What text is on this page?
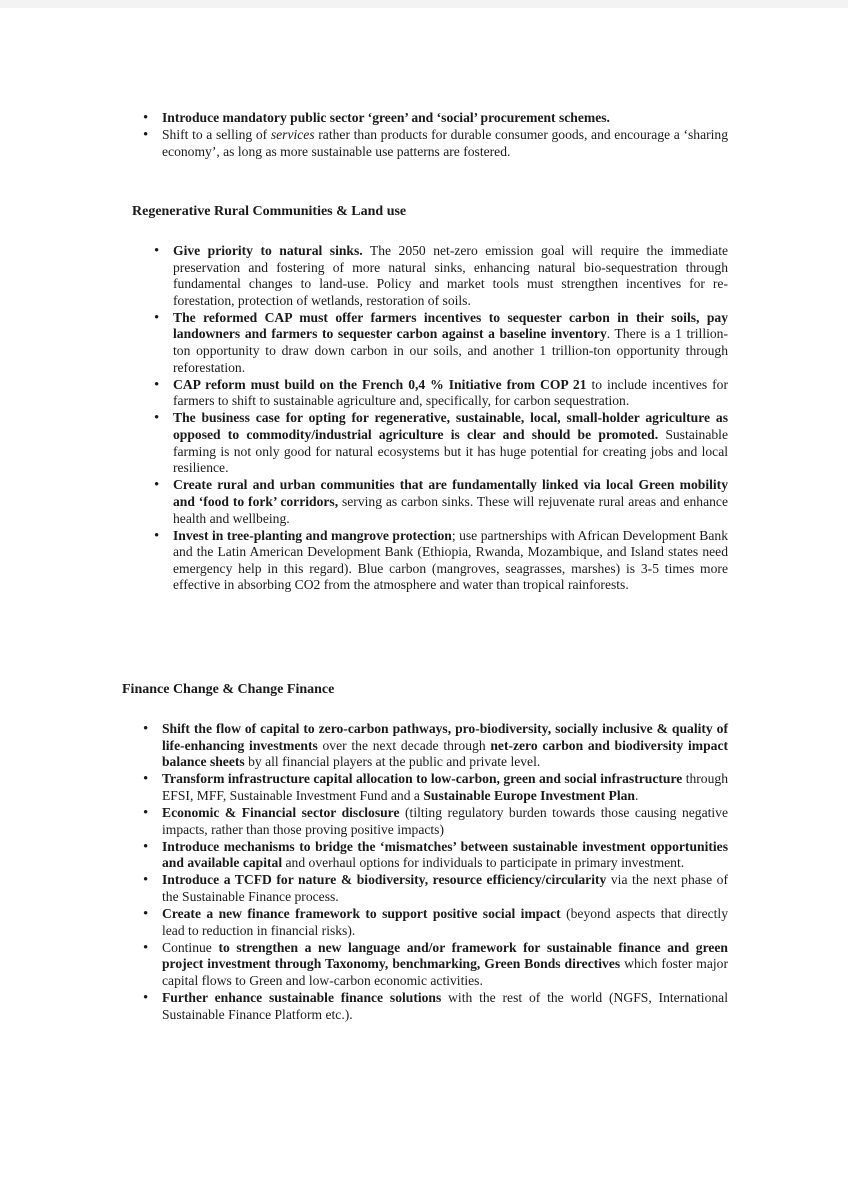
• Introduce mandatory public sector ‘green’ and ‘social’ procurement schemes.
• Shift to a selling of services rather than products for durable consumer goods, and encourage a ‘sharing economy’, as long as more sustainable use patterns are fostered.
Regenerative Rural Communities & Land use
• Give priority to natural sinks. The 2050 net-zero emission goal will require the immediate preservation and fostering of more natural sinks, enhancing natural bio-sequestration through fundamental changes to land-use. Policy and market tools must strengthen incentives for re-forestation, protection of wetlands, restoration of soils.
• The reformed CAP must offer farmers incentives to sequester carbon in their soils, pay landowners and farmers to sequester carbon against a baseline inventory. There is a 1 trillion-ton opportunity to draw down carbon in our soils, and another 1 trillion-ton opportunity through reforestation.
• CAP reform must build on the French 0,4 % Initiative from COP 21 to include incentives for farmers to shift to sustainable agriculture and, specifically, for carbon sequestration.
• The business case for opting for regenerative, sustainable, local, small-holder agriculture as opposed to commodity/industrial agriculture is clear and should be promoted. Sustainable farming is not only good for natural ecosystems but it has huge potential for creating jobs and local resilience.
• Create rural and urban communities that are fundamentally linked via local Green mobility and ‘food to fork’ corridors, serving as carbon sinks. These will rejuvenate rural areas and enhance health and wellbeing.
• Invest in tree-planting and mangrove protection; use partnerships with African Development Bank and the Latin American Development Bank (Ethiopia, Rwanda, Mozambique, and Island states need emergency help in this regard). Blue carbon (mangroves, seagrasses, marshes) is 3-5 times more effective in absorbing CO2 from the atmosphere and water than tropical rainforests.
Finance Change & Change Finance
• Shift the flow of capital to zero-carbon pathways, pro-biodiversity, socially inclusive & quality of life-enhancing investments over the next decade through net-zero carbon and biodiversity impact balance sheets by all financial players at the public and private level.
• Transform infrastructure capital allocation to low-carbon, green and social infrastructure through EFSI, MFF, Sustainable Investment Fund and a Sustainable Europe Investment Plan.
• Economic & Financial sector disclosure (tilting regulatory burden towards those causing negative impacts, rather than those proving positive impacts)
• Introduce mechanisms to bridge the ‘mismatches’ between sustainable investment opportunities and available capital and overhaul options for individuals to participate in primary investment.
• Introduce a TCFD for nature & biodiversity, resource efficiency/circularity via the next phase of the Sustainable Finance process.
• Create a new finance framework to support positive social impact (beyond aspects that directly lead to reduction in financial risks).
• Continue to strengthen a new language and/or framework for sustainable finance and green project investment through Taxonomy, benchmarking, Green Bonds directives which foster major capital flows to Green and low-carbon economic activities.
• Further enhance sustainable finance solutions with the rest of the world (NGFS, International Sustainable Finance Platform etc.).
